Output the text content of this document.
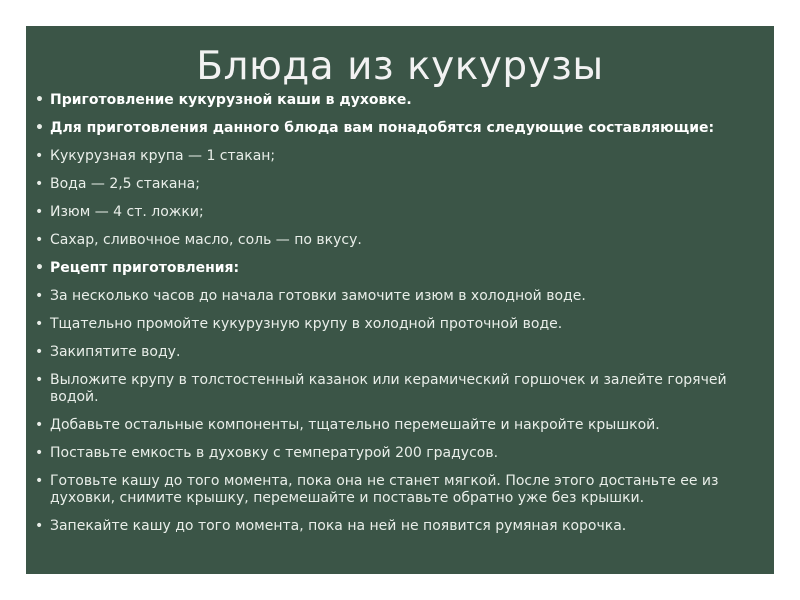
Блюда из кукурузы
• Приготовление кукурузной каши в духовке.
• Для приготовления данного блюда вам понадобятся следующие составляющие:
• Кукурузная крупа — 1 стакан;
• Вода — 2,5 стакана;
• Изюм — 4 ст. ложки;
• Сахар, сливочное масло, соль — по вкусу.
• Рецепт приготовления:
• За несколько часов до начала готовки замочите изюм в холодной воде.
• Тщательно промойте кукурузную крупу в холодной проточной воде.
• Закипятите воду.
• Выложите крупу в толстостенный казанок или керамический горшочек и залейте горячей водой.
• Добавьте остальные компоненты, тщательно перемешайте и накройте крышкой.
• Поставьте емкость в духовку с температурой 200 градусов.
• Готовьте кашу до того момента, пока она не станет мягкой. После этого достаньте ее из духовки, снимите крышку, перемешайте и поставьте обратно уже без крышки.
• Запекайте кашу до того момента, пока на ней не появится румяная корочка.
